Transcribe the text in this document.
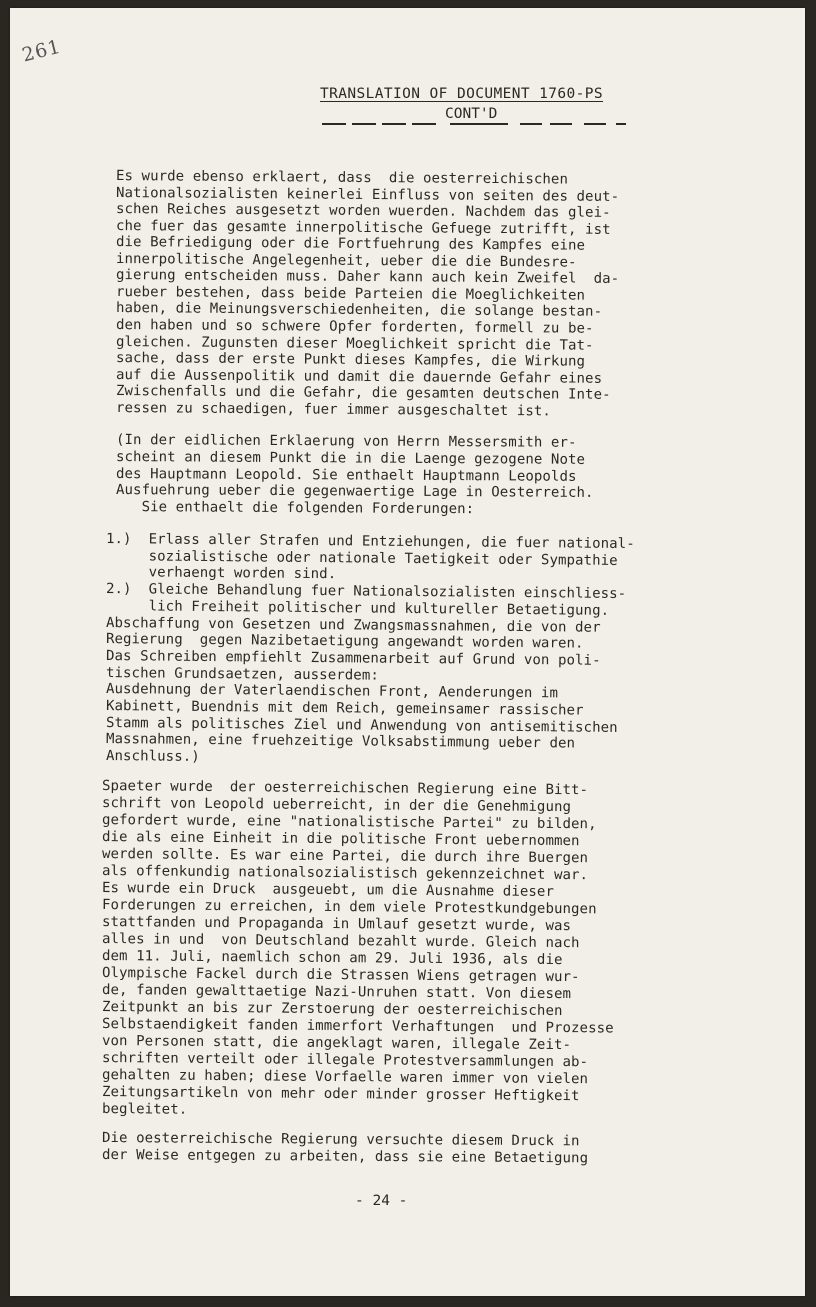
261
TRANSLATION OF DOCUMENT 1760-PS

CONT'D

Es wurde ebenso erklaert, dass  die oesterreichischen
Nationalsozialisten keinerlei Einfluss von seiten des deut-
schen Reiches ausgesetzt worden wuerden. Nachdem das glei-
che fuer das gesamte innerpolitische Gefuege zutrifft, ist
die Befriedigung oder die Fortfuehrung des Kampfes eine
innerpolitische Angelegenheit, ueber die die Bundesre-
gierung entscheiden muss. Daher kann auch kein Zweifel  da-
rueber bestehen, dass beide Parteien die Moeglichkeiten
haben, die Meinungsverschiedenheiten, die solange bestan-
den haben und so schwere Opfer forderten, formell zu be-
gleichen. Zugunsten dieser Moeglichkeit spricht die Tat-
sache, dass der erste Punkt dieses Kampfes, die Wirkung
auf die Aussenpolitik und damit die dauernde Gefahr eines
Zwischenfalls und die Gefahr, die gesamten deutschen Inte-
ressen zu schaedigen, fuer immer ausgeschaltet ist.
(In der eidlichen Erklaerung von Herrn Messersmith er-
scheint an diesem Punkt die in die Laenge gezogene Note
des Hauptmann Leopold. Sie enthaelt Hauptmann Leopolds
Ausfuehrung ueber die gegenwaertige Lage in Oesterreich.
Sie enthaelt die folgenden Forderungen:
1.)  Erlass aller Strafen und Entziehungen, die fuer national-
sozialistische oder nationale Taetigkeit oder Sympathie
verhaengt worden sind.
2.)  Gleiche Behandlung fuer Nationalsozialisten einschliess-
lich Freiheit politischer und kultureller Betaetigung.
Abschaffung von Gesetzen und Zwangsmassnahmen, die von der
Regierung  gegen Nazibetaetigung angewandt worden waren.
Das Schreiben empfiehlt Zusammenarbeit auf Grund von poli-
tischen Grundsaetzen, ausserdem:
Ausdehnung der Vaterlaendischen Front, Aenderungen im
Kabinett, Buendnis mit dem Reich, gemeinsamer rassischer
Stamm als politisches Ziel und Anwendung von antisemitischen
Massnahmen, eine fruehzeitige Volksabstimmung ueber den
Anschluss.)
Spaeter wurde  der oesterreichischen Regierung eine Bitt-
schrift von Leopold ueberreicht, in der die Genehmigung
gefordert wurde, eine "nationalistische Partei" zu bilden,
die als eine Einheit in die politische Front uebernommen
werden sollte. Es war eine Partei, die durch ihre Buergen
als offenkundig nationalsozialistisch gekennzeichnet war.
Es wurde ein Druck  ausgeuebt, um die Ausnahme dieser
Forderungen zu erreichen, in dem viele Protestkundgebungen
stattfanden und Propaganda in Umlauf gesetzt wurde, was
alles in und  von Deutschland bezahlt wurde. Gleich nach
dem 11. Juli, naemlich schon am 29. Juli 1936, als die
Olympische Fackel durch die Strassen Wiens getragen wur-
de, fanden gewalttaetige Nazi-Unruhen statt. Von diesem
Zeitpunkt an bis zur Zerstoerung der oesterreichischen
Selbstaendigkeit fanden immerfort Verhaftungen  und Prozesse
von Personen statt, die angeklagt waren, illegale Zeit-
schriften verteilt oder illegale Protestversammlungen ab-
gehalten zu haben; diese Vorfaelle waren immer von vielen
Zeitungsartikeln von mehr oder minder grosser Heftigkeit
begleitet.
Die oesterreichische Regierung versuchte diesem Druck in
der Weise entgegen zu arbeiten, dass sie eine Betaetigung
- 24 -
